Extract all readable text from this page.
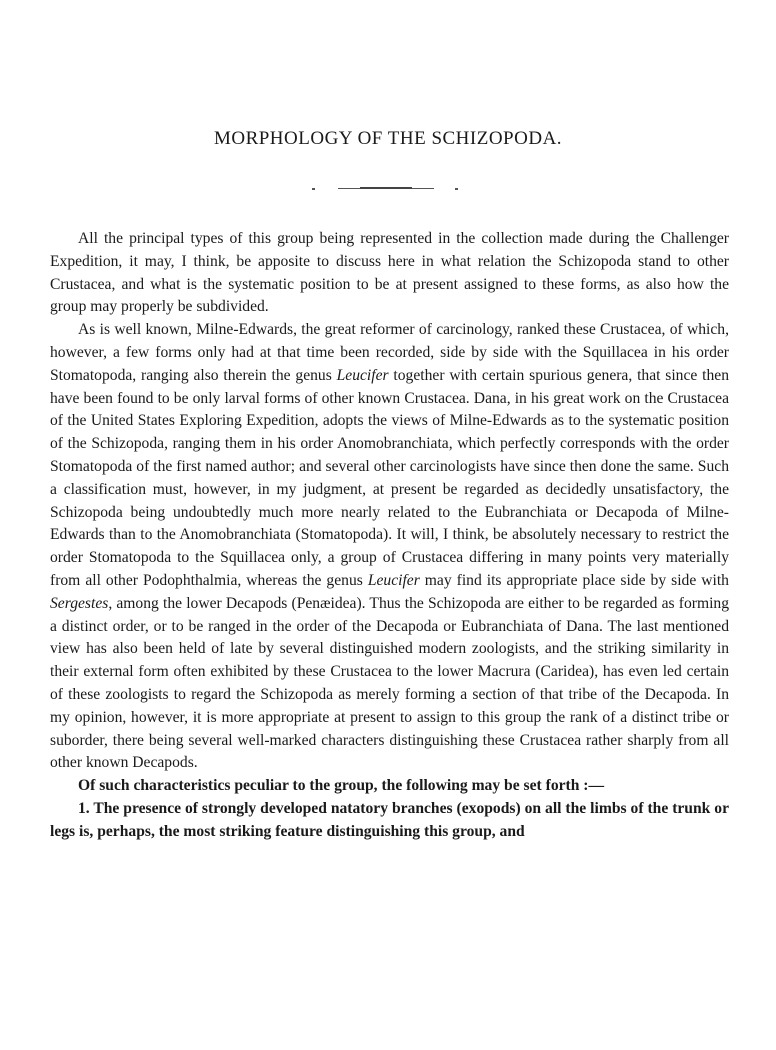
MORPHOLOGY OF THE SCHIZOPODA.

All the principal types of this group being represented in the collection made during the Challenger Expedition, it may, I think, be apposite to discuss here in what relation the Schizopoda stand to other Crustacea, and what is the systematic position to be at present assigned to these forms, as also how the group may properly be subdivided.

As is well known, Milne-Edwards, the great reformer of carcinology, ranked these Crustacea, of which, however, a few forms only had at that time been recorded, side by side with the Squillacea in his order Stomatopoda, ranging also therein the genus Leucifer together with certain spurious genera, that since then have been found to be only larval forms of other known Crustacea. Dana, in his great work on the Crustacea of the United States Exploring Expedition, adopts the views of Milne-Edwards as to the systematic position of the Schizopoda, ranging them in his order Anomobranchiata, which perfectly corresponds with the order Stomatopoda of the first named author; and several other carcinologists have since then done the same. Such a classification must, however, in my judgment, at present be regarded as decidedly unsatisfactory, the Schizopoda being undoubtedly much more nearly related to the Eubranchiata or Decapoda of Milne-Edwards than to the Anomobranchiata (Stomatopoda). It will, I think, be absolutely necessary to restrict the order Stomatopoda to the Squillacea only, a group of Crustacea differing in many points very materially from all other Podophthalmia, whereas the genus Leucifer may find its appropriate place side by side with Sergestes, among the lower Decapods (Penæidea). Thus the Schizopoda are either to be regarded as forming a distinct order, or to be ranged in the order of the Decapoda or Eubranchiata of Dana. The last mentioned view has also been held of late by several distinguished modern zoologists, and the striking similarity in their external form often exhibited by these Crustacea to the lower Macrura (Caridea), has even led certain of these zoologists to regard the Schizopoda as merely forming a section of that tribe of the Decapoda. In my opinion, however, it is more appropriate at present to assign to this group the rank of a distinct tribe or suborder, there being several well-marked characters distinguishing these Crustacea rather sharply from all other known Decapods.

Of such characteristics peculiar to the group, the following may be set forth :—

1. The presence of strongly developed natatory branches (exopods) on all the limbs of the trunk or legs is, perhaps, the most striking feature distinguishing this group, and
